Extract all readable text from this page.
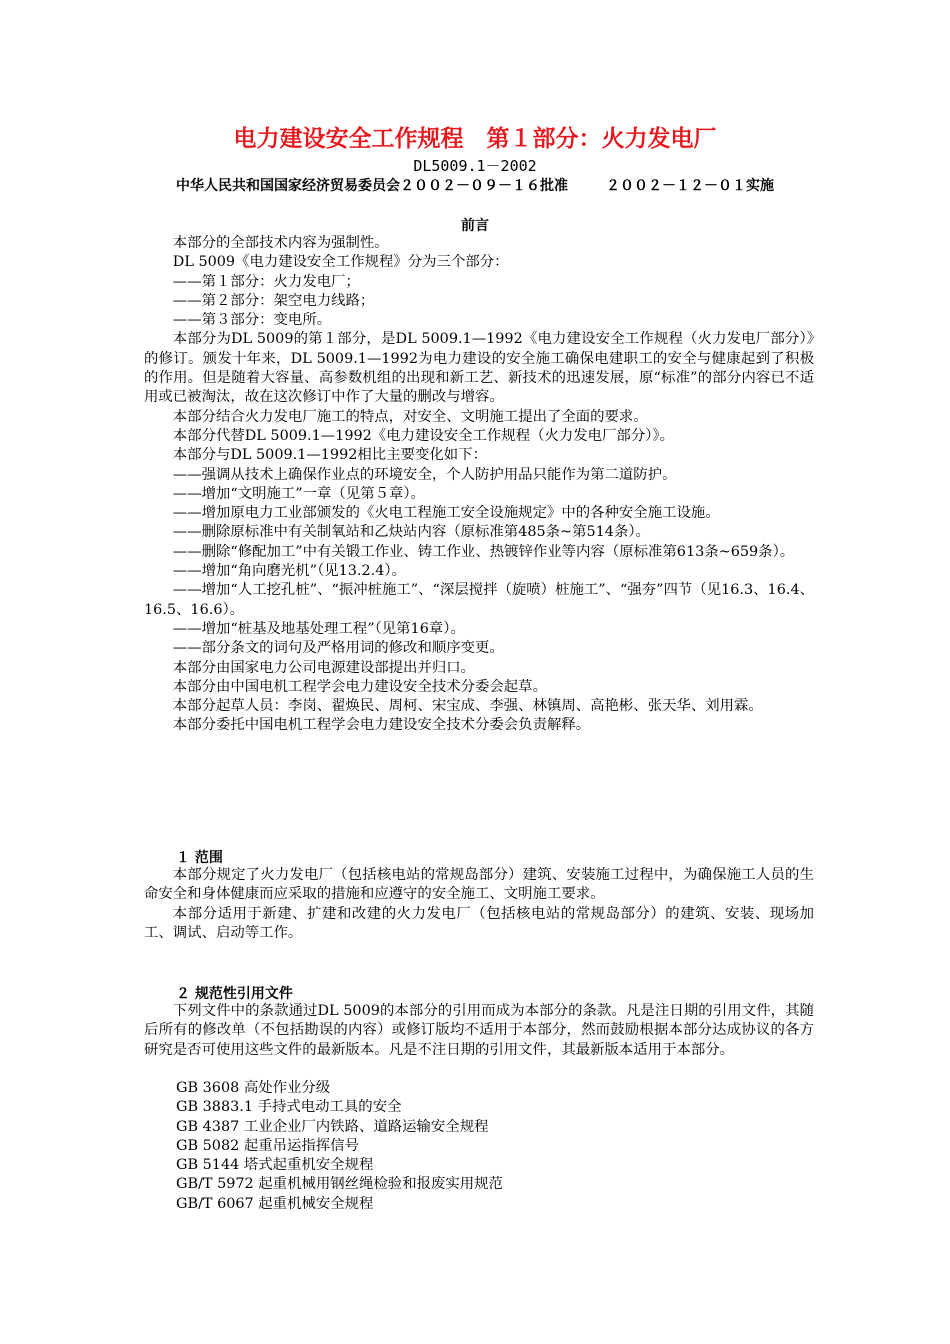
电力建设安全工作规程　第１部分：火力发电厂
DL5009.1－2002
中华人民共和国国家经济贸易委员会２００２－０９－１６批准	２００２－１２－０１实施
前言

本部分的全部技术内容为强制性。

DL 5009《电力建设安全工作规程》分为三个部分：

——第１部分：火力发电厂；

——第２部分：架空电力线路；

——第３部分：变电所。

本部分为DL 5009的第１部分，是DL 5009.1—1992《电力建设安全工作规程（火力发电厂部分）》的修订。颁发十年来，DL 5009.1—1992为电力建设的安全施工确保电建职工的安全与健康起到了积极的作用。但是随着大容量、高参数机组的出现和新工艺、新技术的迅速发展，原“标准”的部分内容已不适用或已被淘汰，故在这次修订中作了大量的删改与增容。

本部分结合火力发电厂施工的特点，对安全、文明施工提出了全面的要求。

本部分代替DL 5009.1—1992《电力建设安全工作规程（火力发电厂部分）》。

本部分与DL 5009.1—1992相比主要变化如下：

——强调从技术上确保作业点的环境安全，个人防护用品只能作为第二道防护。

——增加“文明施工”一章（见第５章）。

——增加原电力工业部颁发的《火电工程施工安全设施规定》中的各种安全施工设施。

——删除原标准中有关制氧站和乙炔站内容（原标准第485条~第514条）。

——删除“修配加工”中有关锻工作业、铸工作业、热镀锌作业等内容（原标准第613条~659条）。

——增加“角向磨光机”（见13.2.4）。

——增加“人工挖孔桩”、“振冲桩施工”、“深层搅拌（旋喷）桩施工”、“强夯”四节（见16.3、16.4、16.5、16.6）。

——增加“桩基及地基处理工程”（见第16章）。

——部分条文的词句及严格用词的修改和顺序变更。

本部分由国家电力公司电源建设部提出并归口。

本部分由中国电机工程学会电力建设安全技术分委会起草。

本部分起草人员：李岗、翟焕民、周柯、宋宝成、李强、林镇周、高艳彬、张天华、刘用霖。

本部分委托中国电机工程学会电力建设安全技术分委会负责解释。

１ 范围

本部分规定了火力发电厂（包括核电站的常规岛部分）建筑、安装施工过程中，为确保施工人员的生命安全和身体健康而应采取的措施和应遵守的安全施工、文明施工要求。

本部分适用于新建、扩建和改建的火力发电厂（包括核电站的常规岛部分）的建筑、安装、现场加工、调试、启动等工作。

２ 规范性引用文件

下列文件中的条款通过DL 5009的本部分的引用而成为本部分的条款。凡是注日期的引用文件，其随后所有的修改单（不包括勘误的内容）或修订版均不适用于本部分，然而鼓励根据本部分达成协议的各方研究是否可使用这些文件的最新版本。凡是不注日期的引用文件，其最新版本适用于本部分。

GB 3608 高处作业分级
GB 3883.1 手持式电动工具的安全
GB 4387 工业企业厂内铁路、道路运输安全规程
GB 5082 起重吊运指挥信号
GB 5144 塔式起重机安全规程
GB/T 5972 起重机械用钢丝绳检验和报废实用规范
GB/T 6067 起重机械安全规程
